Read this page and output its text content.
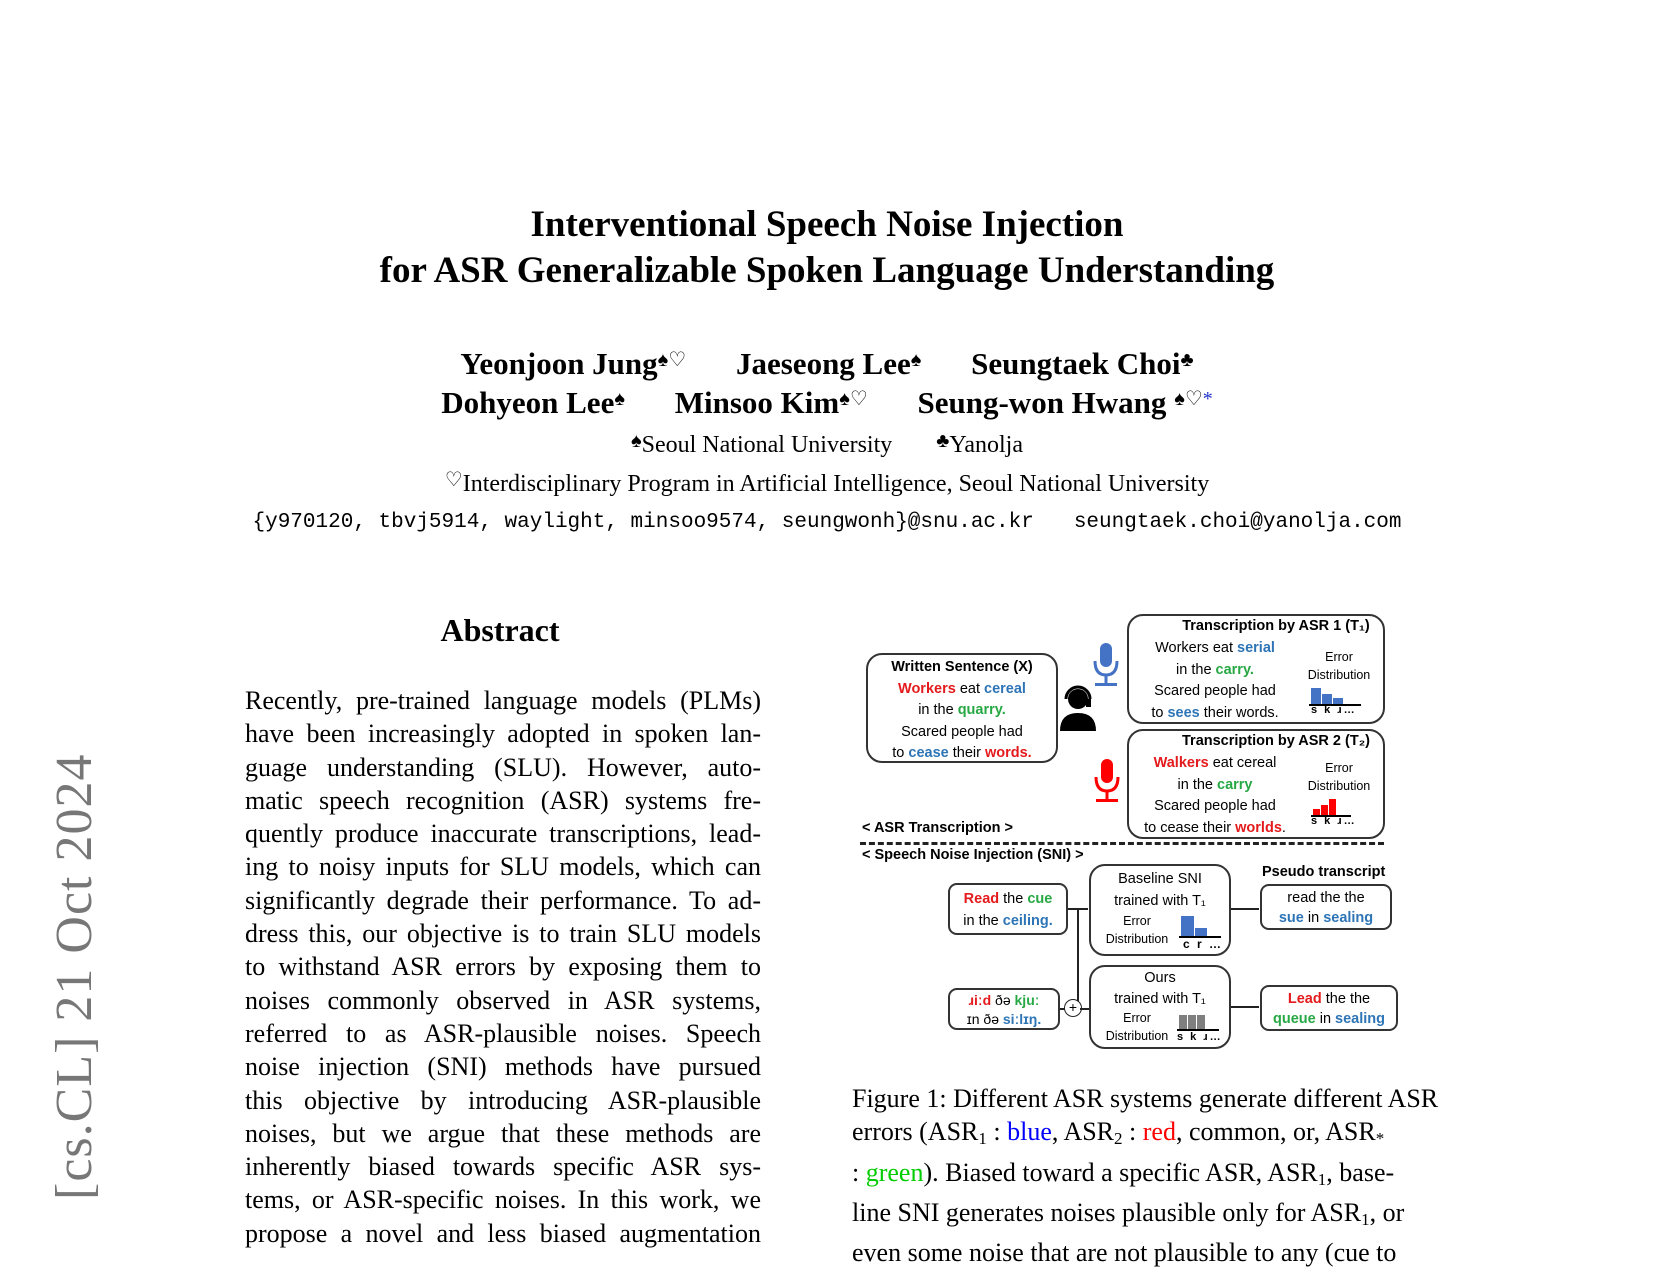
[cs.CL] 21 Oct 2024
Interventional Speech Noise Injection
for ASR Generalizable Spoken Language Understanding
Yeonjoon Jung♠♡ Jaeseong Lee♠ Seungtaek Choi♣
Dohyeon Lee♠ Minsoo Kim♠♡ Seung-won Hwang ♠♡*
♠Seoul National University ♣Yanolja
♡Interdisciplinary Program in Artificial Intelligence, Seoul National University
{y970120, tbvj5914, waylight, minsoo9574, seungwonh}@snu.ac.kr seungtaek.choi@yanolja.com
Abstract
Recently, pre-trained language models (PLMs)
have been increasingly adopted in spoken lan-
guage understanding (SLU). However, auto-
matic speech recognition (ASR) systems fre-
quently produce inaccurate transcriptions, lead-
ing to noisy inputs for SLU models, which can
significantly degrade their performance. To ad-
dress this, our objective is to train SLU models
to withstand ASR errors by exposing them to
noises commonly observed in ASR systems,
referred to as ASR-plausible noises. Speech
noise injection (SNI) methods have pursued
this objective by introducing ASR-plausible
noises, but we argue that these methods are
inherently biased towards specific ASR sys-
tems, or ASR-specific noises. In this work, we
propose a novel and less biased augmentation
Written Sentence (X)
Workers eat cereal
in the quarry.
Scared people had
to cease their words.
Transcription by ASR 1 (T₁)
Workers eat serial
in the carry.
Scared people had
to sees their words.
Error
Distribution
s k ɹ…
Transcription by ASR 2 (T₂)
Walkers eat cereal
in the carry
Scared people had
to cease their worlds.
Error
Distribution
s k ɹ…
< ASR Transcription >
< Speech Noise Injection (SNI) >
Read the cue
in the ceiling.
ɹiːd ðə kjuː
ɪn ðə siːlɪŋ.
+
Baseline SNI
trained with T₁
Error
Distribution	c r …
Ours
trained with T₁
Error
Distribution s k ɹ…
Pseudo transcript
read the the
sue in sealing
Lead the the
queue in sealing
Figure 1: Different ASR systems generate different ASR
errors ($ASR_1$ : blue, $ASR_2$ : red, common, or, $ASR_*$
: green). Biased toward a specific ASR, $ASR_1$, base-
line SNI generates noises plausible only for $ASR_1$, or
even some noise that are not plausible to any (cue to
